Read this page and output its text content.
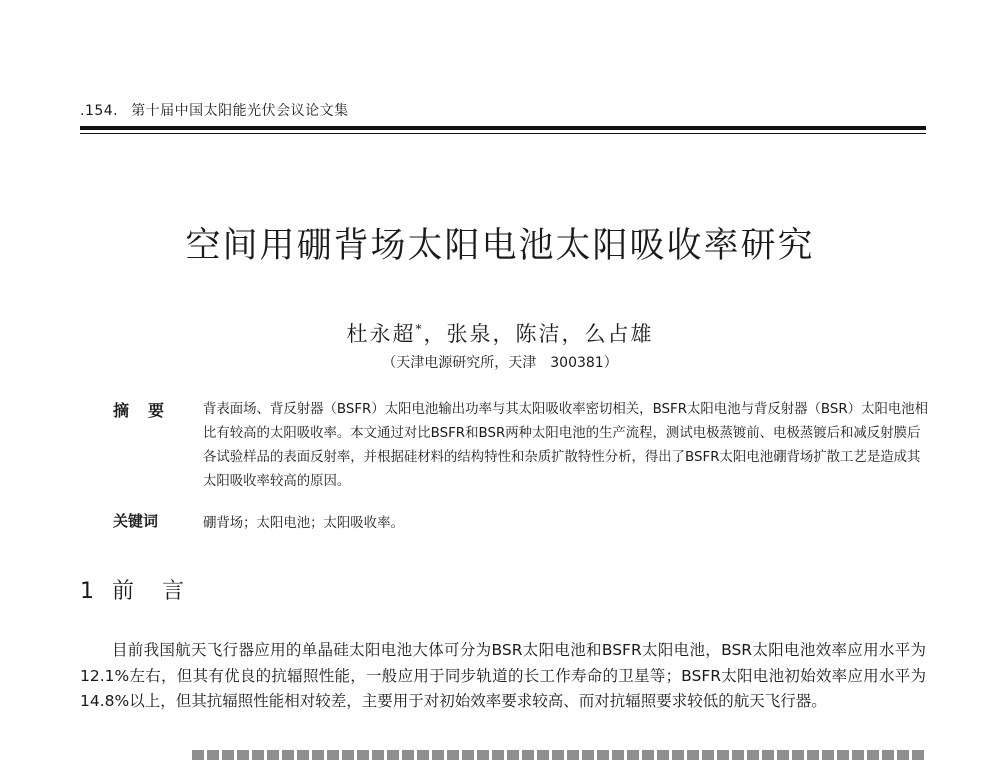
.154. 第十届中国太阳能光伏会议论文集
空间用硼背场太阳电池太阳吸收率研究
杜永超*，张泉，陈洁，么占雄
（天津电源研究所，天津　300381）
摘要 背表面场、背反射器（BSFR）太阳电池输出功率与其太阳吸收率密切相关，BSFR太阳电池与背反射器（BSR）太阳电池相比有较高的太阳吸收率。本文通过对比BSFR和BSR两种太阳电池的生产流程，测试电极蒸镀前、电极蒸镀后和减反射膜后各试验样品的表面反射率，并根据硅材料的结构特性和杂质扩散特性分析，得出了BSFR太阳电池硼背场扩散工艺是造成其太阳吸收率较高的原因。
关键词	硼背场；太阳电池；太阳吸收率。
1 前 言
目前我国航天飞行器应用的单晶硅太阳电池大体可分为BSR太阳电池和BSFR太阳电池，BSR太阳电池效率应用水平为12.1%左右，但其有优良的抗辐照性能，一般应用于同步轨道的长工作寿命的卫星等；BSFR太阳电池初始效率应用水平为14.8%以上，但其抗辐照性能相对较差，主要用于对初始效率要求较高、而对抗辐照要求较低的航天飞行器。
